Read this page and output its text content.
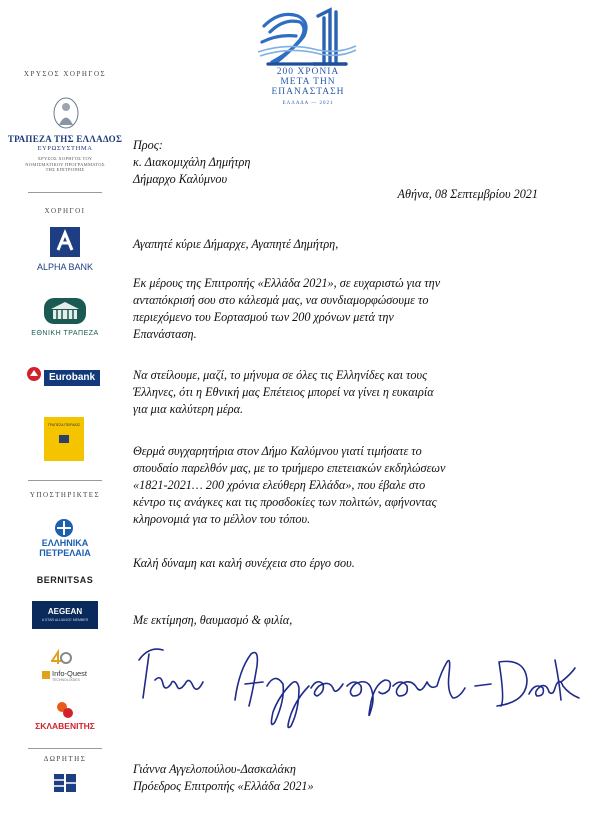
200 ΧΡΟΝΙΑ
ΜΕΤΑ ΤΗΝ
ΕΠΑΝΑΣΤΑΣΗ
ΕΛΛΑΔΑ — 2021
ΧΡΥΣΟΣ ΧΟΡΗΓΟΣ
ΤΡΑΠΕΖΑ ΤΗΣ ΕΛΛΑΔΟΣ
ΕΥΡΩΣΥΣΤΗΜΑ
ΧΡΥΣΟΣ ΧΟΡΗΓΟΣ ΤΟΥ ΝΟΜΙΣΜΑΤΙΚΟΥ ΠΡΟΓΡΑΜΜΑΤΟΣ ΤΗΣ ΕΠΙΤΡΟΠΗΣ
ΧΟΡΗΓΟΙ
ALPHA BANK
ΕΘΝΙΚΗ ΤΡΑΠΕΖΑ
Eurobank
ΤΡΑΠΕΖΑ ΠΕΙΡΑΙΩΣ
ΥΠΟΣΤΗΡΙΚΤΕΣ
ΕΛΛΗΝΙΚΑ
ΠΕΤΡΕΛΑΙΑ
BERNITSAS
AEGEAN
A STAR ALLIANCE MEMBER
Info-Quest
TECHNOLOGIES
ΣΚΛΑΒΕΝΙΤΗΣ
ΔΩΡΗΤΗΣ
Προς:
κ. Διακομιχάλη Δημήτρη
Δήμαρχο Καλύμνου
Αθήνα, 08 Σεπτεμβρίου 2021
Αγαπητέ κύριε Δήμαρχε, Αγαπητέ Δημήτρη,
Εκ μέρους της Επιτροπής «Ελλάδα 2021», σε ευχαριστώ για την
ανταπόκρισή σου στο κάλεσμά μας, να συνδιαμορφώσουμε το
περιεχόμενο του Εορτασμού των 200 χρόνων μετά την
Επανάσταση.
Να στείλουμε, μαζί, το μήνυμα σε όλες τις Ελληνίδες και τους
Έλληνες, ότι η Εθνική μας Επέτειος μπορεί να γίνει η ευκαιρία
για μια καλύτερη μέρα.
Θερμά συγχαρητήρια στον Δήμο Καλύμνου γιατί τιμήσατε το
σπουδαίο παρελθόν μας, με το τριήμερο επετειακών εκδηλώσεων
«1821-2021… 200 χρόνια ελεύθερη Ελλάδα», που έβαλε στο
κέντρο τις ανάγκες και τις προσδοκίες των πολιτών, αφήνοντας
κληρονομιά για το μέλλον του τόπου.
Καλή δύναμη και καλή συνέχεια στο έργο σου.
Με εκτίμηση, θαυμασμό & φιλία,
Γιάννα Αγγελοπούλου-Δασκαλάκη
Πρόεδρος Επιτροπής «Ελλάδα 2021»
